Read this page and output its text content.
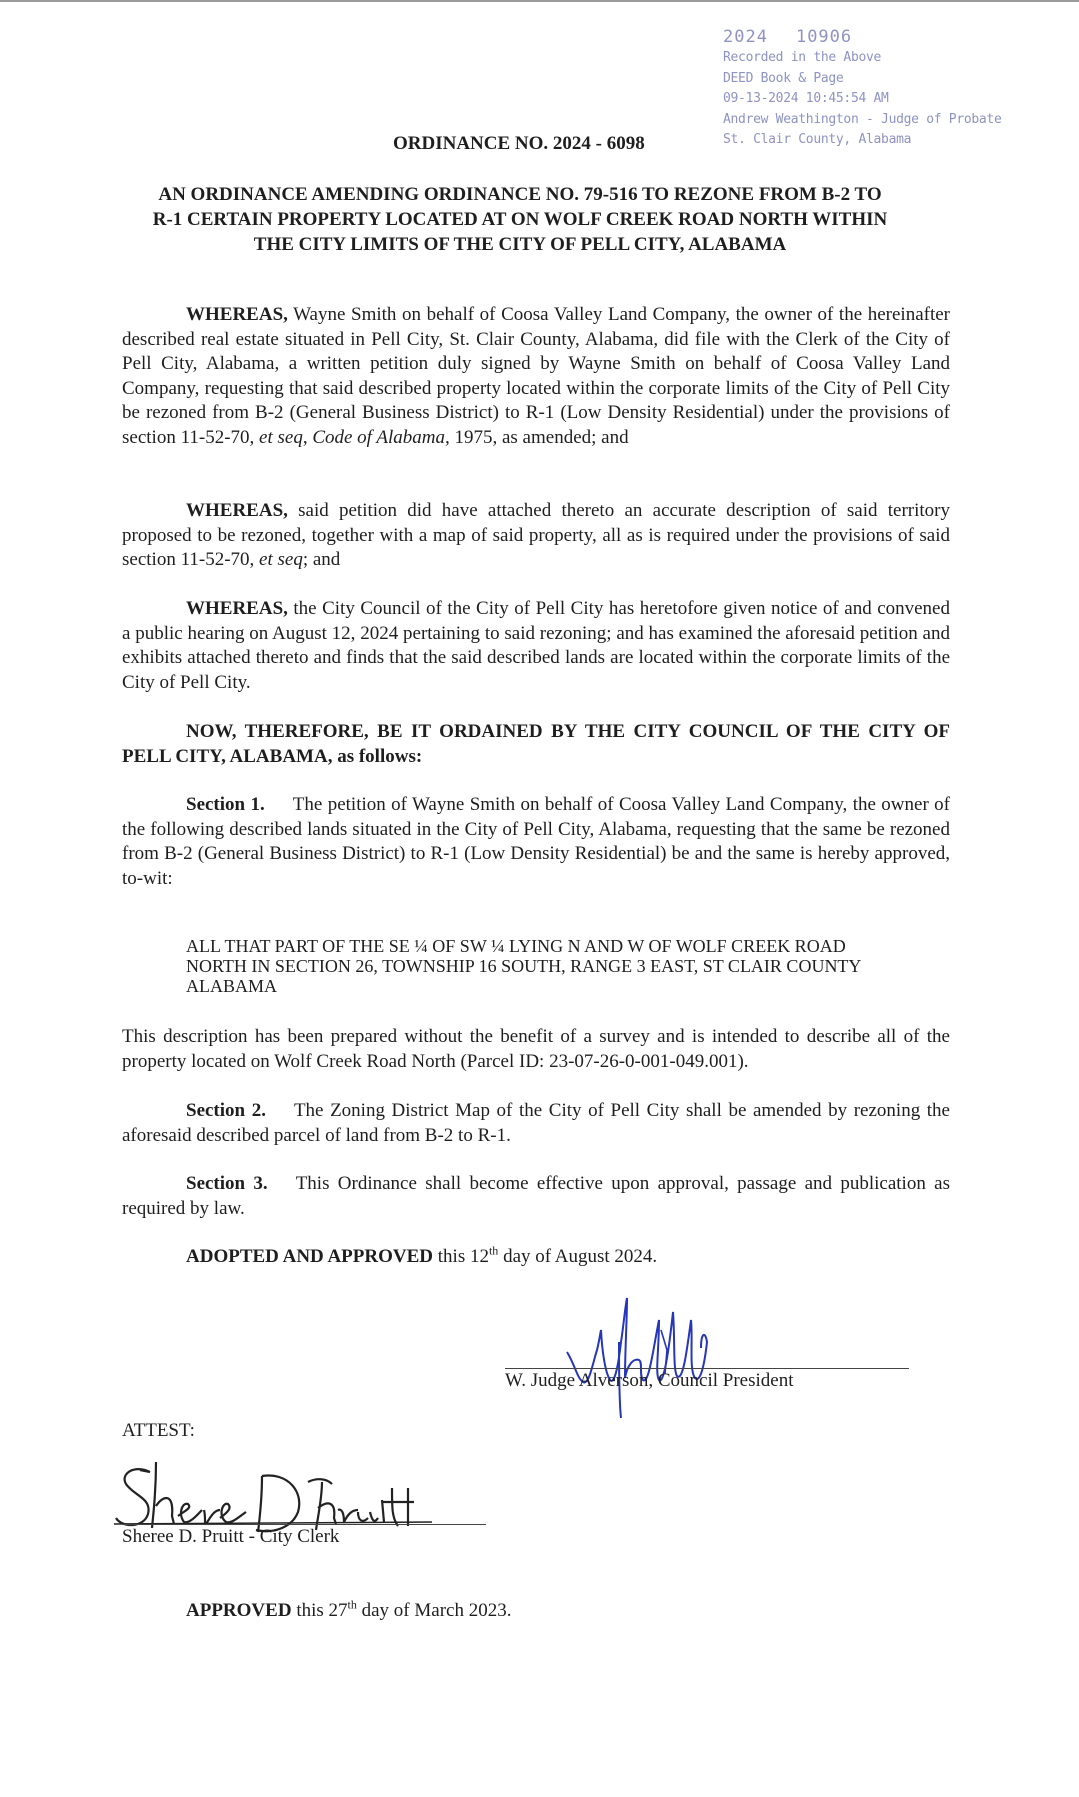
2024 10906
Recorded in the Above
DEED Book & Page
09-13-2024 10:45:54 AM
Andrew Weathington - Judge of Probate
St. Clair County, Alabama
ORDINANCE NO. 2024 - 6098
AN ORDINANCE AMENDING ORDINANCE NO. 79-516 TO REZONE FROM B-2 TO R-1 CERTAIN PROPERTY LOCATED AT ON WOLF CREEK ROAD NORTH WITHIN THE CITY LIMITS OF THE CITY OF PELL CITY, ALABAMA
WHEREAS, Wayne Smith on behalf of Coosa Valley Land Company, the owner of the hereinafter described real estate situated in Pell City, St. Clair County, Alabama, did file with the Clerk of the City of Pell City, Alabama, a written petition duly signed by Wayne Smith on behalf of Coosa Valley Land Company, requesting that said described property located within the corporate limits of the City of Pell City be rezoned from B-2 (General Business District) to R-1 (Low Density Residential) under the provisions of section 11-52-70, et seq, Code of Alabama, 1975, as amended; and
WHEREAS, said petition did have attached thereto an accurate description of said territory proposed to be rezoned, together with a map of said property, all as is required under the provisions of said section 11-52-70, et seq; and
WHEREAS, the City Council of the City of Pell City has heretofore given notice of and convened a public hearing on August 12, 2024 pertaining to said rezoning; and has examined the aforesaid petition and exhibits attached thereto and finds that the said described lands are located within the corporate limits of the City of Pell City.
NOW, THEREFORE, BE IT ORDAINED BY THE CITY COUNCIL OF THE CITY OF PELL CITY, ALABAMA, as follows:
Section 1. The petition of Wayne Smith on behalf of Coosa Valley Land Company, the owner of the following described lands situated in the City of Pell City, Alabama, requesting that the same be rezoned from B-2 (General Business District) to R-1 (Low Density Residential) be and the same is hereby approved, to-wit:
ALL THAT PART OF THE SE ¼ OF SW ¼ LYING N AND W OF WOLF CREEK ROAD NORTH IN SECTION 26, TOWNSHIP 16 SOUTH, RANGE 3 EAST, ST CLAIR COUNTY ALABAMA
This description has been prepared without the benefit of a survey and is intended to describe all of the property located on Wolf Creek Road North (Parcel ID: 23-07-26-0-001-049.001).
Section 2. The Zoning District Map of the City of Pell City shall be amended by rezoning the aforesaid described parcel of land from B-2 to R-1.
Section 3. This Ordinance shall become effective upon approval, passage and publication as required by law.
ADOPTED AND APPROVED this 12th day of August 2024.
W. Judge Alverson, Council President
ATTEST:
Sheree D. Pruitt - City Clerk
APPROVED this 27th day of March 2023.
